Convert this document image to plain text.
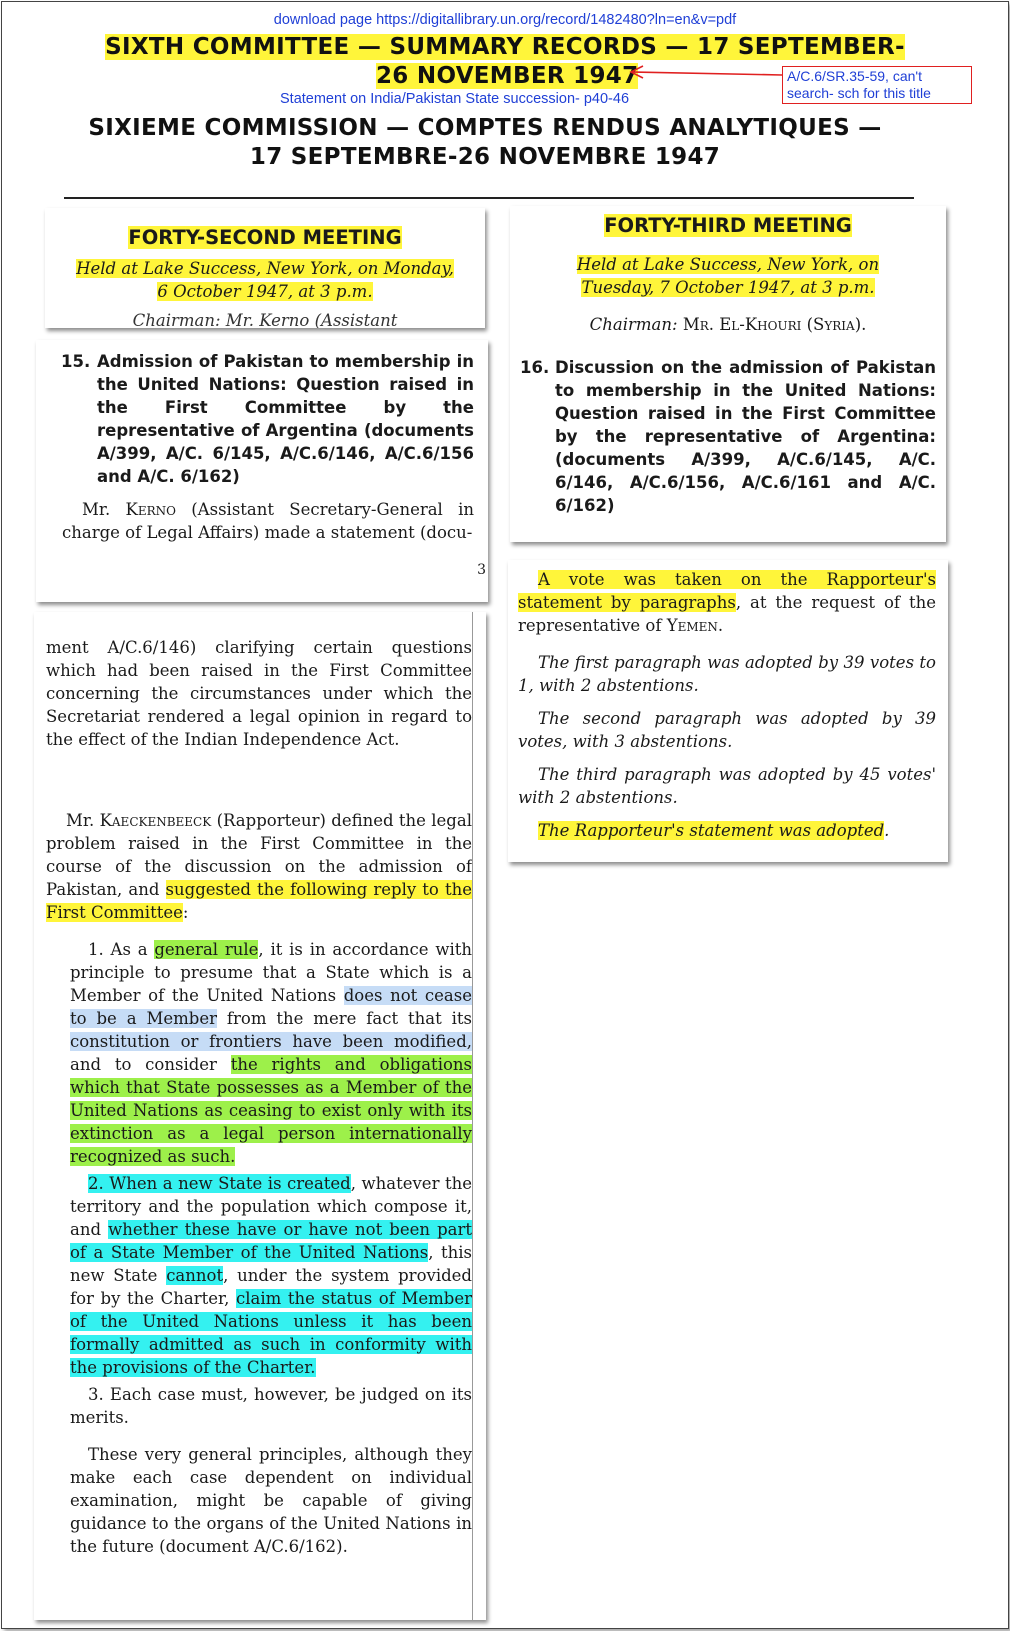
download page https://digitallibrary.un.org/record/1482480?ln=en&v=pdf
SIXTH COMMITTEE — SUMMARY RECORDS — 17 SEPTEMBER-
26 NOVEMBER 1947	A/C.6/SR.35-59, can't search- sch for this title
Statement on India/Pakistan State succession- p40-46
SIXIEME COMMISSION — COMPTES RENDUS ANALYTIQUES —
17 SEPTEMBRE-26 NOVEMBRE 1947
FORTY-SECOND MEETING
Held at Lake Success, New York, on Monday,
6 October 1947, at 3 p.m.
Chairman: Mr. Kerno (Assistant
15. Admission of Pakistan to membership in the United Nations: Question raised in the First Committee by the representative of Argentina (documents A/399, A/C. 6/145, A/C.6/146, A/C.6/156 and A/C. 6/162)

Mr. Kerno (Assistant Secretary-General in charge of Legal Affairs) made a statement (docu-

3

ment A/C.6/146) clarifying certain questions which had been raised in the First Committee concerning the circumstances under which the Secretariat rendered a legal opinion in regard to the effect of the Indian Independence Act.

Mr. Kaeckenbeeck (Rapporteur) defined the legal problem raised in the First Committee in the course of the discussion on the admission of Pakistan, and suggested the following reply to the First Committee:

1. As a general rule, it is in accordance with principle to presume that a State which is a Member of the United Nations does not cease to be a Member from the mere fact that its constitution or frontiers have been modified, and to consider the rights and obligations which that State possesses as a Member of the United Nations as ceasing to exist only with its extinction as a legal person internationally recognized as such.

2. When a new State is created, whatever the territory and the population which compose it, and whether these have or have not been part of a State Member of the United Nations, this new State cannot, under the system provided for by the Charter, claim the status of Member of the United Nations unless it has been formally admitted as such in conformity with the provisions of the Charter.

3. Each case must, however, be judged on its merits.

These very general principles, although they make each case dependent on individual examination, might be capable of giving guidance to the organs of the United Nations in the future (document A/C.6/162).

FORTY-THIRD MEETING
Held at Lake Success, New York, on
Tuesday, 7 October 1947, at 3 p.m.

Chairman: Mr. El-Khouri (Syria).

16. Discussion on the admission of Pakistan to membership in the United Nations: Question raised in the First Committee by the representative of Argentina: (documents A/399, A/C.6/145, A/C. 6/146, A/C.6/156, A/C.6/161 and A/C. 6/162)

A vote was taken on the Rapporteur's statement by paragraphs, at the request of the representative of Yemen.

The first paragraph was adopted by 39 votes to 1, with 2 abstentions.

The second paragraph was adopted by 39 votes, with 3 abstentions.

The third paragraph was adopted by 45 votes' with 2 abstentions.

The Rapporteur's statement was adopted.
